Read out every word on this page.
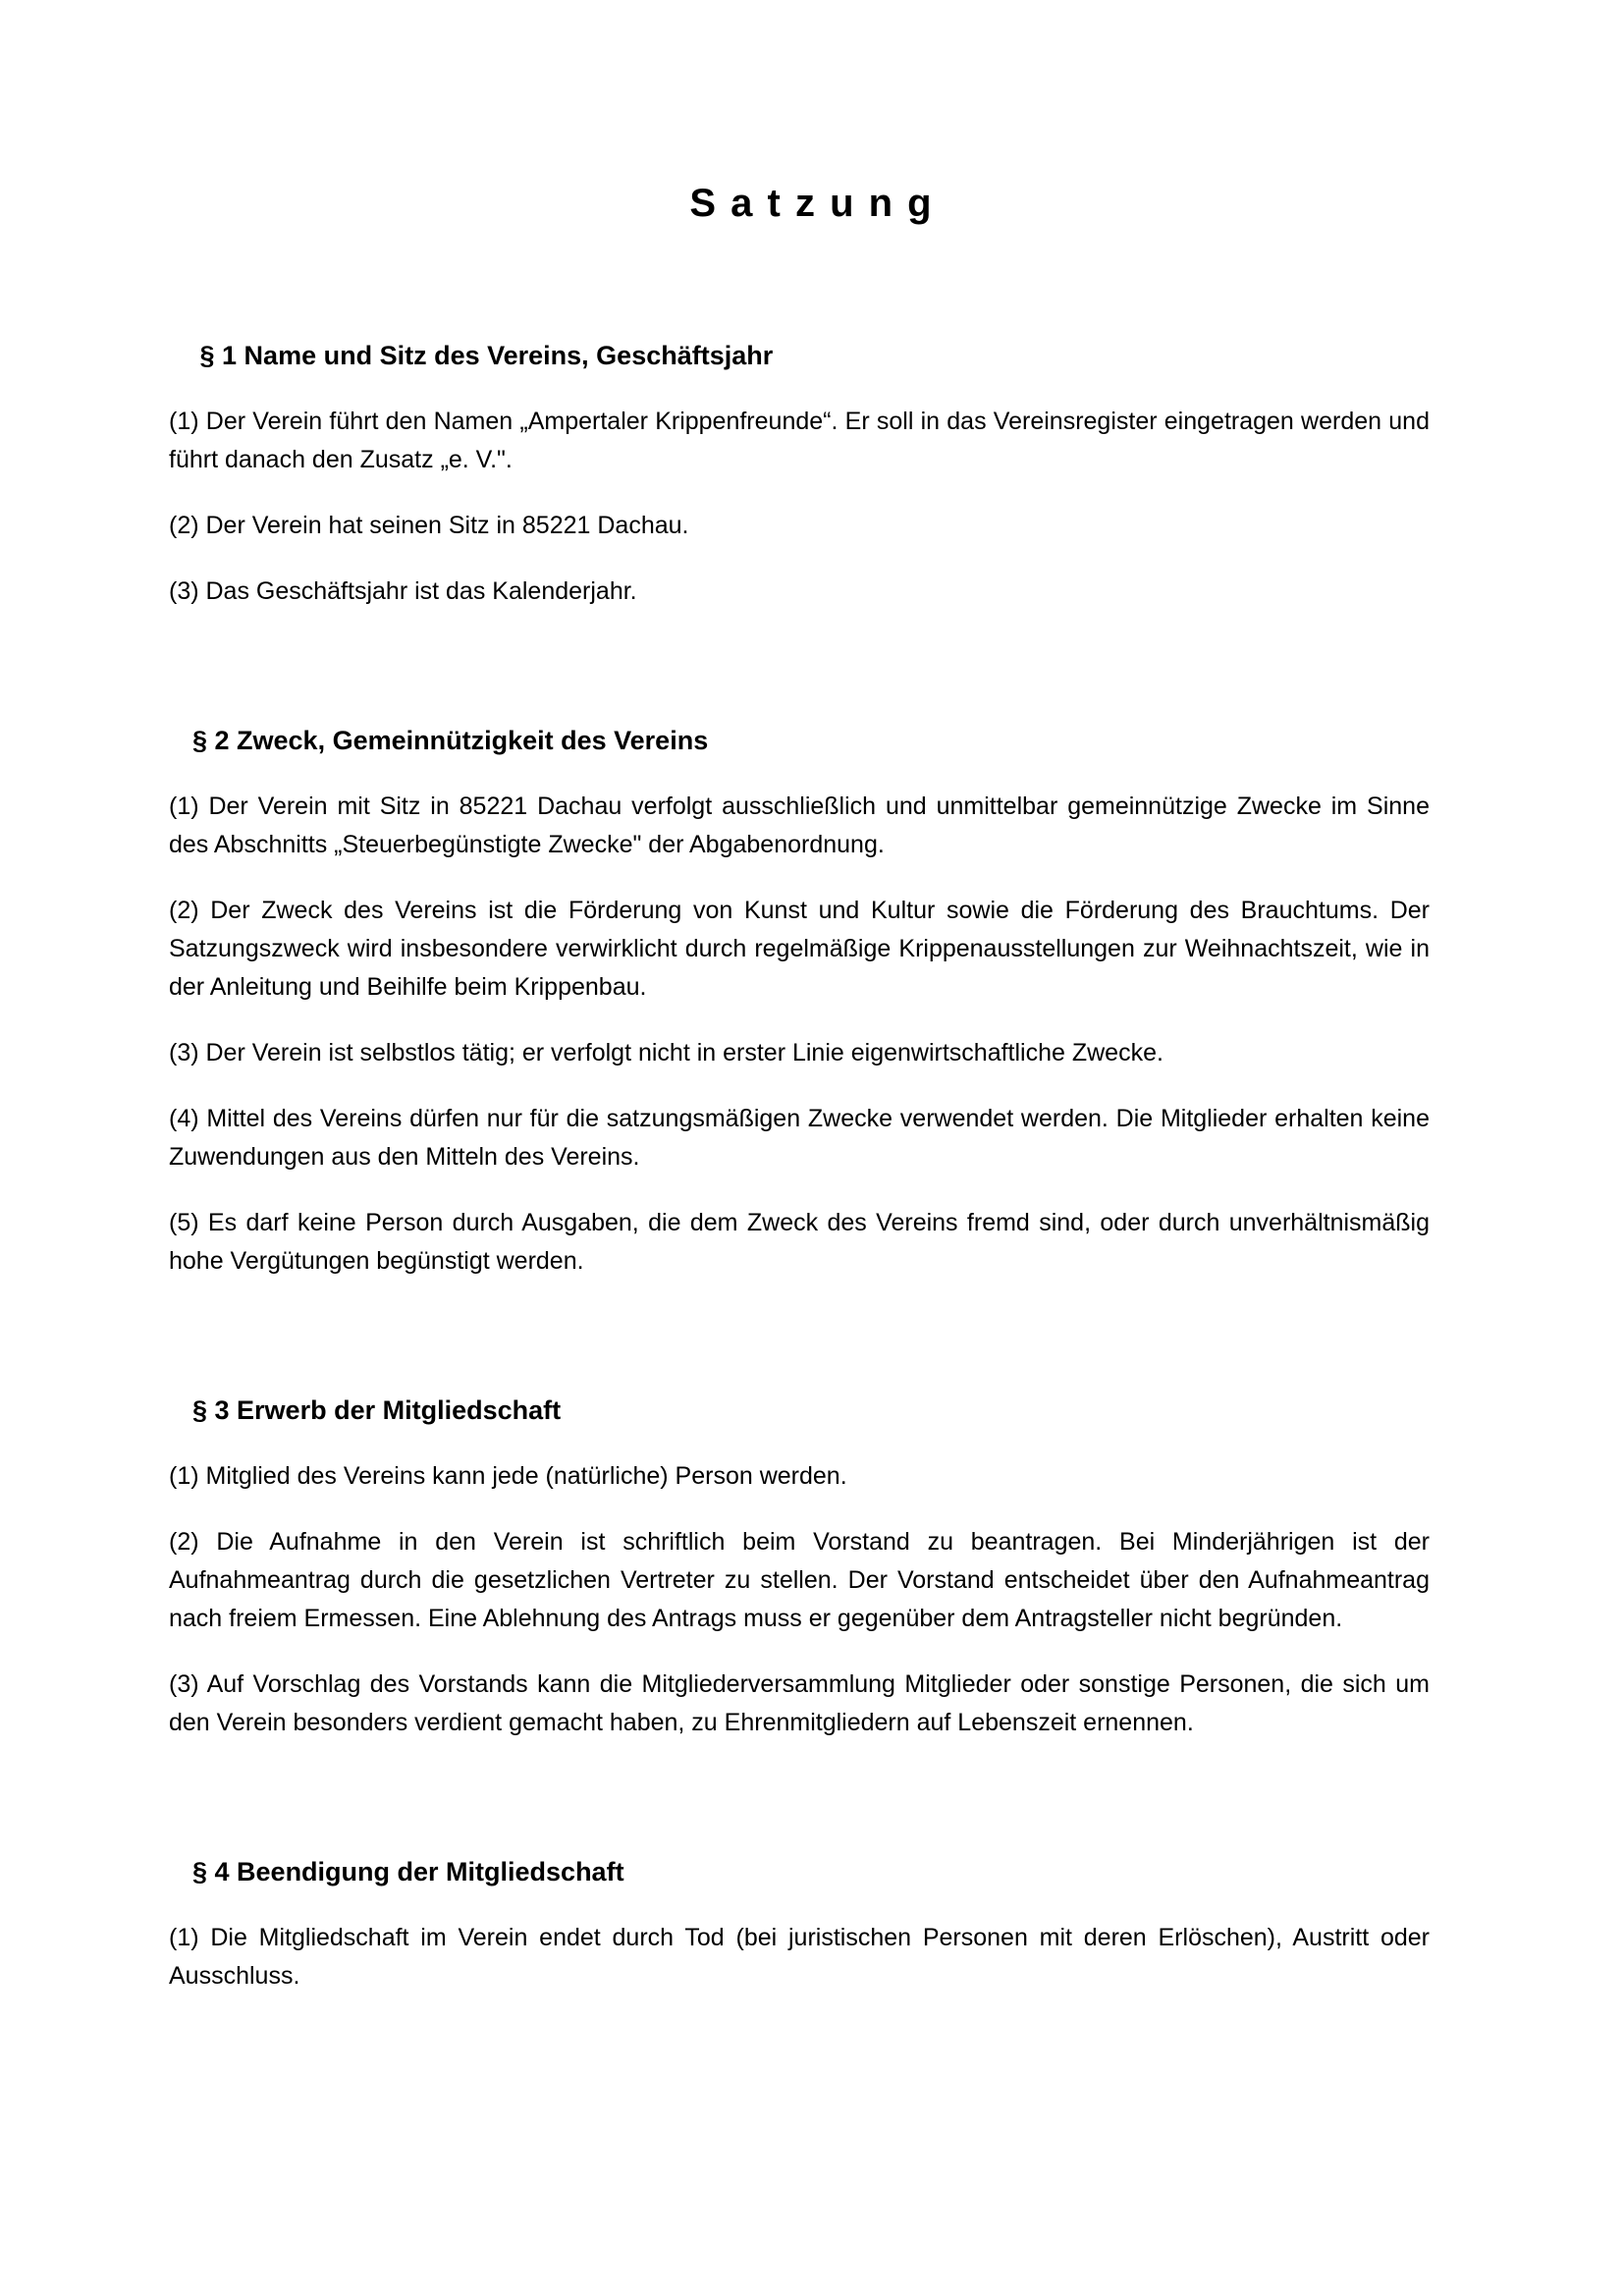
S a t z u n g
§ 1 Name und Sitz des Vereins, Geschäftsjahr

(1) Der Verein führt den Namen „Ampertaler Krippenfreunde“. Er soll in das Vereinsregister eingetragen werden und führt danach den Zusatz „e. V.".

(2) Der Verein hat seinen Sitz in 85221 Dachau.

(3) Das Geschäftsjahr ist das Kalenderjahr.

§ 2 Zweck, Gemeinnützigkeit des Vereins

(1) Der Verein mit Sitz in 85221 Dachau verfolgt ausschließlich und unmittelbar gemeinnützige Zwecke im Sinne des Abschnitts „Steuerbegünstigte Zwecke" der Abgabenordnung.

(2) Der Zweck des Vereins ist die Förderung von Kunst und Kultur sowie die Förderung des Brauchtums. Der Satzungszweck wird insbesondere verwirklicht durch regelmäßige Krippenausstellungen zur Weihnachtszeit, wie in der Anleitung und Beihilfe beim Krippenbau.

(3) Der Verein ist selbstlos tätig; er verfolgt nicht in erster Linie eigenwirtschaftliche Zwecke.

(4) Mittel des Vereins dürfen nur für die satzungsmäßigen Zwecke verwendet werden. Die Mitglieder erhalten keine Zuwendungen aus den Mitteln des Vereins.

(5) Es darf keine Person durch Ausgaben, die dem Zweck des Vereins fremd sind, oder durch unverhältnismäßig hohe Vergütungen begünstigt werden.

§ 3 Erwerb der Mitgliedschaft

(1) Mitglied des Vereins kann jede (natürliche) Person werden.

(2) Die Aufnahme in den Verein ist schriftlich beim Vorstand zu beantragen. Bei Minderjährigen ist der Aufnahmeantrag durch die gesetzlichen Vertreter zu stellen. Der Vorstand entscheidet über den Aufnahmeantrag nach freiem Ermessen. Eine Ablehnung des Antrags muss er gegenüber dem Antragsteller nicht begründen.

(3) Auf Vorschlag des Vorstands kann die Mitgliederversammlung Mitglieder oder sonstige Personen, die sich um den Verein besonders verdient gemacht haben, zu Ehrenmitgliedern auf Lebenszeit ernennen.

§ 4 Beendigung der Mitgliedschaft

(1) Die Mitgliedschaft im Verein endet durch Tod (bei juristischen Personen mit deren Erlöschen), Austritt oder Ausschluss.
